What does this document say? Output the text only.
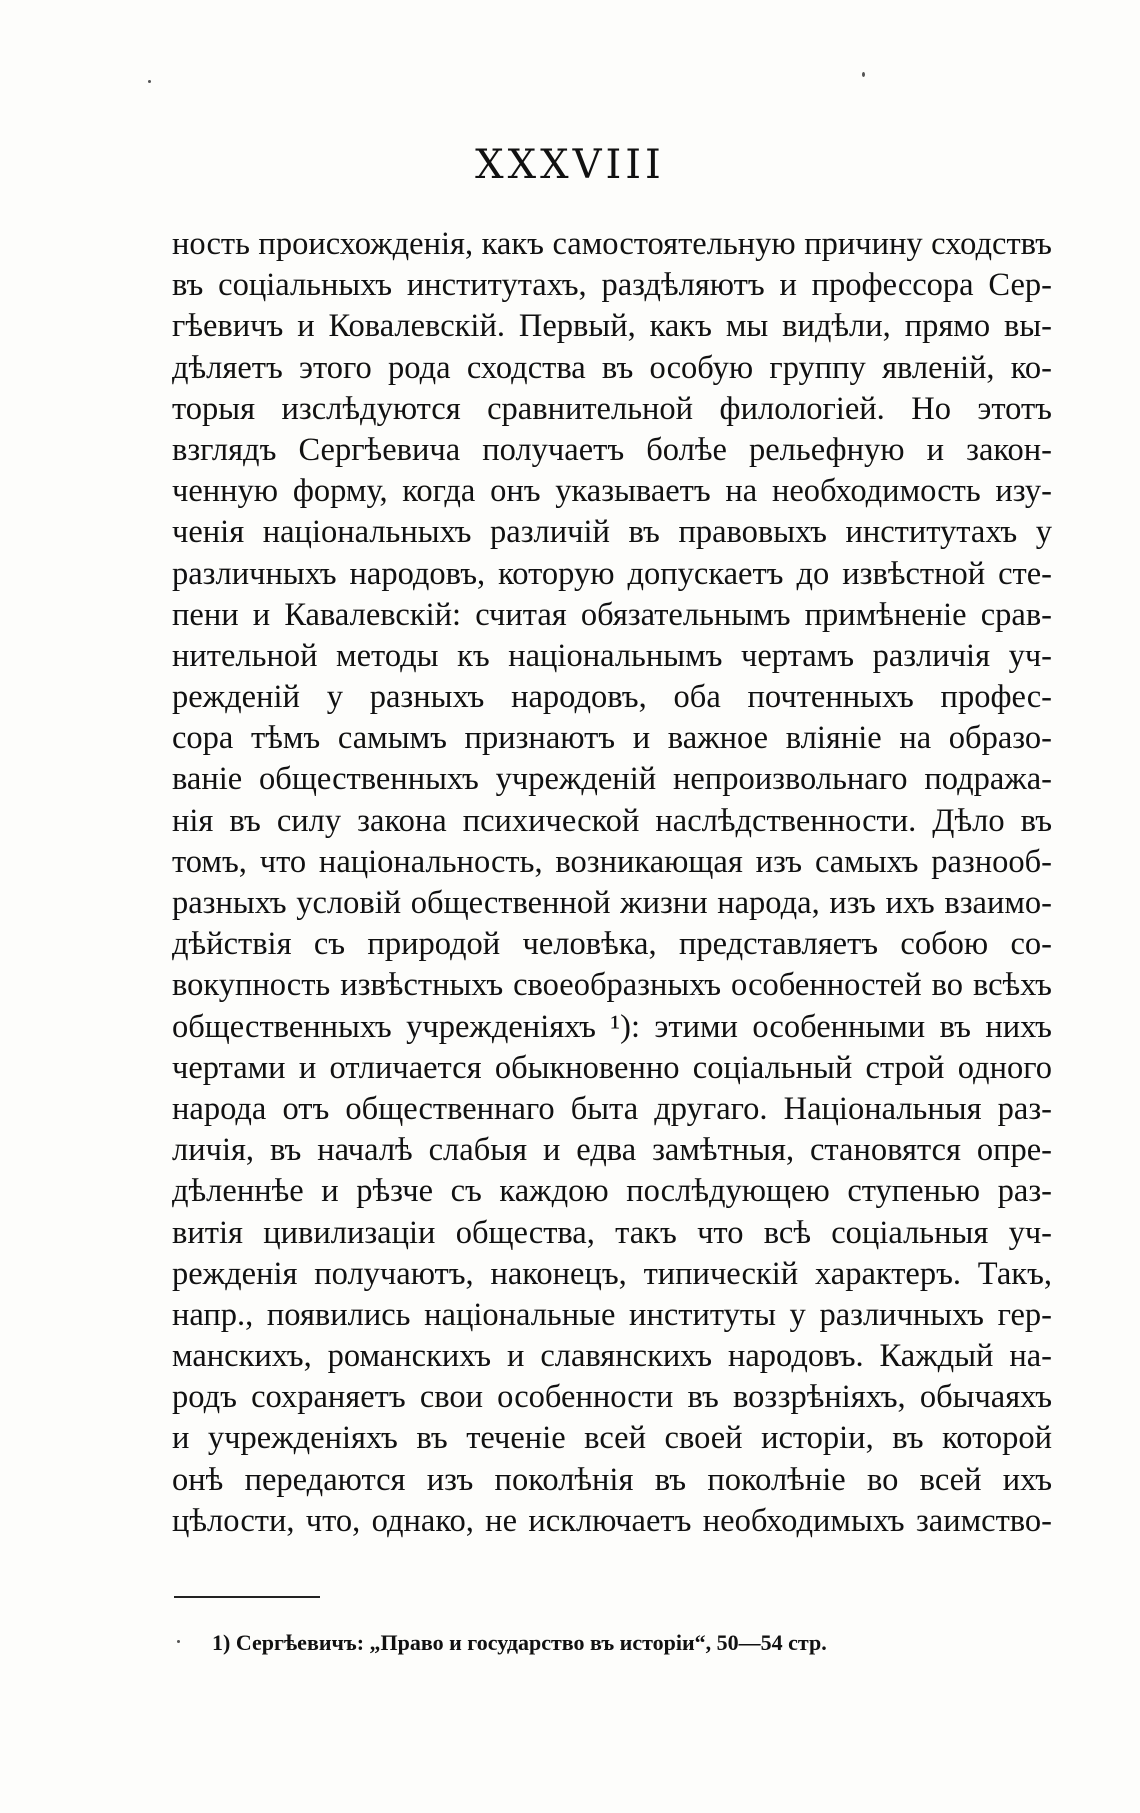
XXXVIII
ность происхожденія, какъ самостоятельную причину сходствъ
въ соціальныхъ институтахъ, раздѣляютъ и профессора Сер-
гѣевичъ и Ковалевскій. Первый, какъ мы видѣли, прямо вы-
дѣляетъ этого рода сходства въ особую группу явленій, ко-
торыя изслѣдуются сравнительной филологіей. Но этотъ
взглядъ Сергѣевича получаетъ болѣе рельефную и закон-
ченную форму, когда онъ указываетъ на необходимость изу-
ченія національныхъ различій въ правовыхъ институтахъ у
различныхъ народовъ, которую допускаетъ до извѣстной сте-
пени и Кавалевскій: считая обязательнымъ примѣненіе срав-
нительной методы къ національнымъ чертамъ различія уч-
режденій у разныхъ народовъ, оба почтенныхъ профес-
сора тѣмъ самымъ признаютъ и важное вліяніе на образо-
ваніе общественныхъ учрежденій непроизвольнаго подража-
нія въ силу закона психической наслѣдственности. Дѣло въ
томъ, что національность, возникающая изъ самыхъ разнооб-
разныхъ условій общественной жизни народа, изъ ихъ взаимо-
дѣйствія съ природой человѣка, представляетъ собою со-
вокупность извѣстныхъ своеобразныхъ особенностей во всѣхъ
общественныхъ учрежденіяхъ ¹): этими особенными въ нихъ
чертами и отличается обыкновенно соціальный строй одного
народа отъ общественнаго быта другаго. Національныя раз-
личія, въ началѣ слабыя и едва замѣтныя, становятся опре-
дѣленнѣе и рѣзче съ каждою послѣдующею ступенью раз-
витія цивилизаціи общества, такъ что всѣ соціальныя уч-
режденія получаютъ, наконецъ, типическій характеръ. Такъ,
напр., появились національные институты у различныхъ гер-
манскихъ, романскихъ и славянскихъ народовъ. Каждый на-
родъ сохраняетъ свои особенности въ воззрѣніяхъ, обычаяхъ
и учрежденіяхъ въ теченіе всей своей исторіи, въ которой
онѣ передаются изъ поколѣнія въ поколѣніе во всей ихъ
цѣлости, что, однако, не исключаетъ необходимыхъ заимство-
1) Сергѣевичъ: „Право и государство въ исторіи“, 50—54 стр.
